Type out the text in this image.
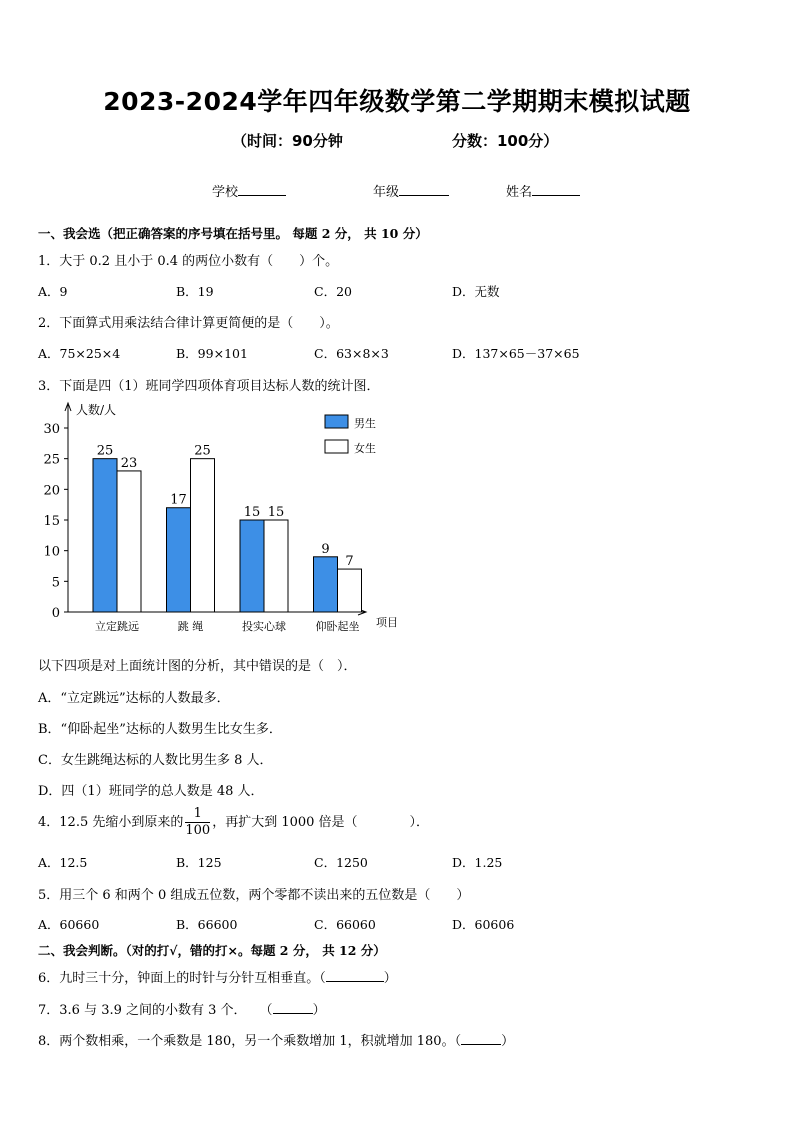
2023-2024学年四年级数学第二学期期末模拟试题
（时间：90分钟	分数：100分）
学校	年级	姓名
一、我会选（把正确答案的序号填在括号里。 每题 2 分， 共 10 分）
1．大于 0.2 且小于 0.4 的两位小数有（　　）个。
A．9	B．19	C．20	D．无数
2．下面算式用乘法结合律计算更简便的是（　　）。
A．75×25×4	B．99×101	C．63×8×3	D．137×65－37×65
3．下面是四（1）班同学四项体育项目达标人数的统计图．
0
5
10
15
20
25
30
人数/人
项目
25
23
立定跳远
17
25
跳 绳
15 15
投实心球
9
7
仰卧起坐
男生
女生
以下四项是对上面统计图的分析，其中错误的是（　）．
A．“立定跳远”达标的人数最多．
B．“仰卧起坐”达标的人数男生比女生多．
C．女生跳绳达标的人数比男生多 8 人．
D．四（1）班同学的总人数是 48 人．
4．12.5 先缩小到原来的 $\frac{1}{100}$ ，再扩大到 1000 倍是（　　　　）．
A．12.5	B．125	C．1250	D．1.25
5．用三个 6 和两个 0 组成五位数，两个零都不读出来的五位数是（　　）
A．60660	B．66600	C．66060	D．60606
二、我会判断。（对的打√，错的打×。每题 2 分， 共 12 分）
6．九时三十分，钟面上的时针与分针互相垂直。（	）
7．3.6 与 3.9 之间的小数有 3 个．　　（	）
8．两个数相乘，一个乘数是 180，另一个乘数增加 1，积就增加 180。（	）
